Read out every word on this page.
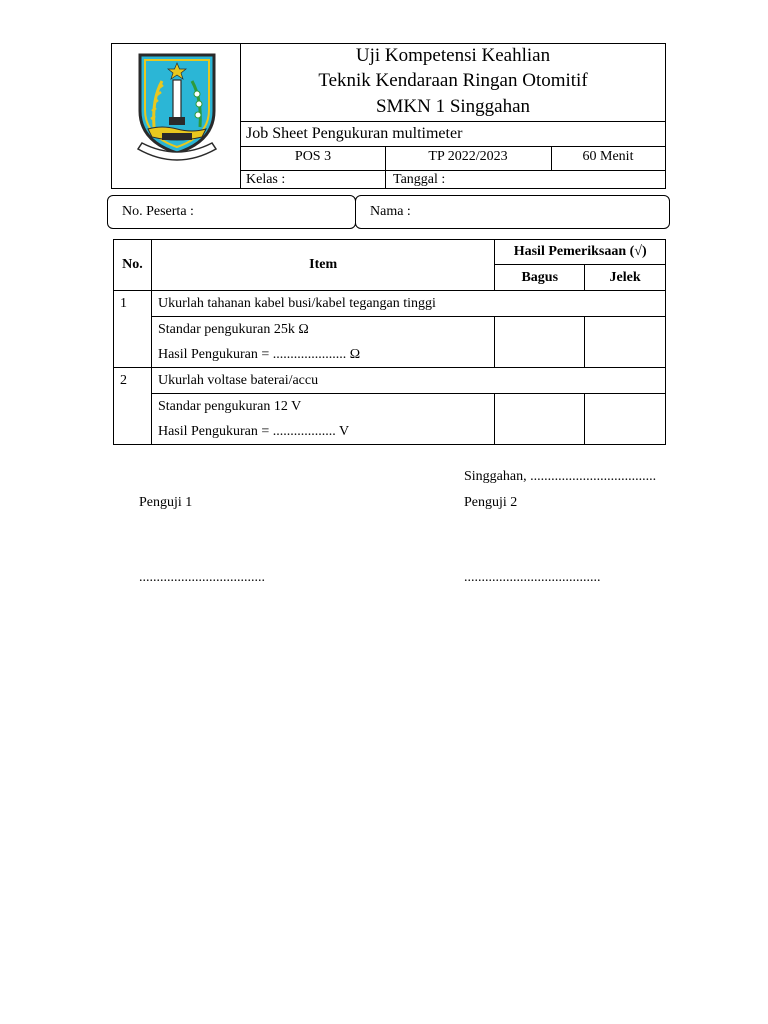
Uji Kompetensi Keahlian
Teknik Kendaraan Ringan Otomitif
SMKN 1 Singgahan
Job Sheet Pengukuran multimeter
POS 3	TP 2022/2023	60 Menit
Kelas :	Tanggal :
No. Peserta :	Nama :
No.	Item	Hasil Pemeriksaan (√)	
		Bagus	Jelek
1	Ukurlah tahanan kabel busi/kabel tegangan tinggi		

	Standar pengukuran 25k Ω
Hasil Pengukuran = ..................... Ω		

2	Ukurlah voltase baterai/accu		

	Standar pengukuran 12 V
Hasil Pengukuran = .................. V		

Singgahan, ....................................
Penguji 1	Penguji 2
....................................	.......................................
